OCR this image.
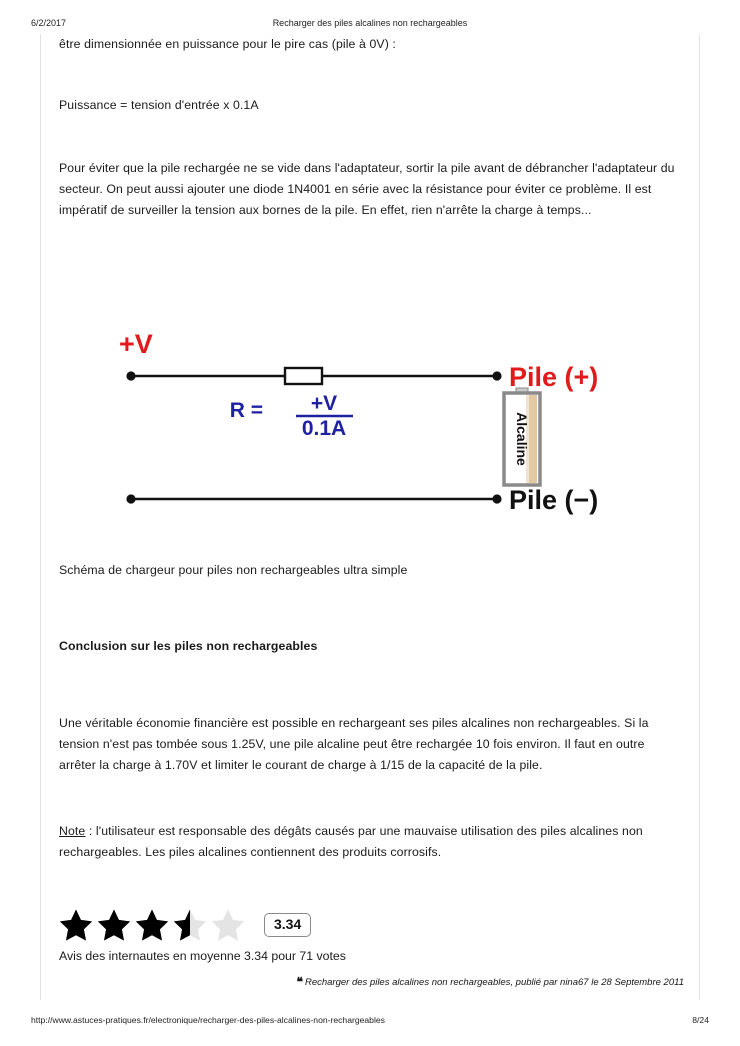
6/2/2017	Recharger des piles alcalines non rechargeables

être dimensionnée en puissance pour le pire cas (pile à 0V) :

Puissance = tension d'entrée x 0.1A

Pour éviter que la pile rechargée ne se vide dans l'adaptateur, sortir la pile avant de débrancher l'adaptateur du secteur. On peut aussi ajouter une diode 1N4001 en série avec la résistance pour éviter ce problème. Il est impératif de surveiller la tension aux bornes de la pile. En effet, rien n'arrête la charge à temps...

Alcaline
+V
Pile (+)
Pile (−)
R = +V
0.1A

Schéma de chargeur pour piles non rechargeables ultra simple

Conclusion sur les piles non rechargeables

Une véritable économie financière est possible en rechargeant ses piles alcalines non rechargeables. Si la tension n'est pas tombée sous 1.25V, une pile alcaline peut être rechargée 10 fois environ. Il faut en outre arrêter la charge à 1.70V et limiter le courant de charge à 1/15 de la capacité de la pile.

Note : l'utilisateur est responsable des dégâts causés par une mauvaise utilisation des piles alcalines non rechargeables. Les piles alcalines contiennent des produits corrosifs.

3.34
Avis des internautes en moyenne 3.34 pour 71 votes
❝ Recharger des piles alcalines non rechargeables, publié par nina67 le 28 Septembre 2011
http://www.astuces-pratiques.fr/electronique/recharger-des-piles-alcalines-non-rechargeables	8/24
